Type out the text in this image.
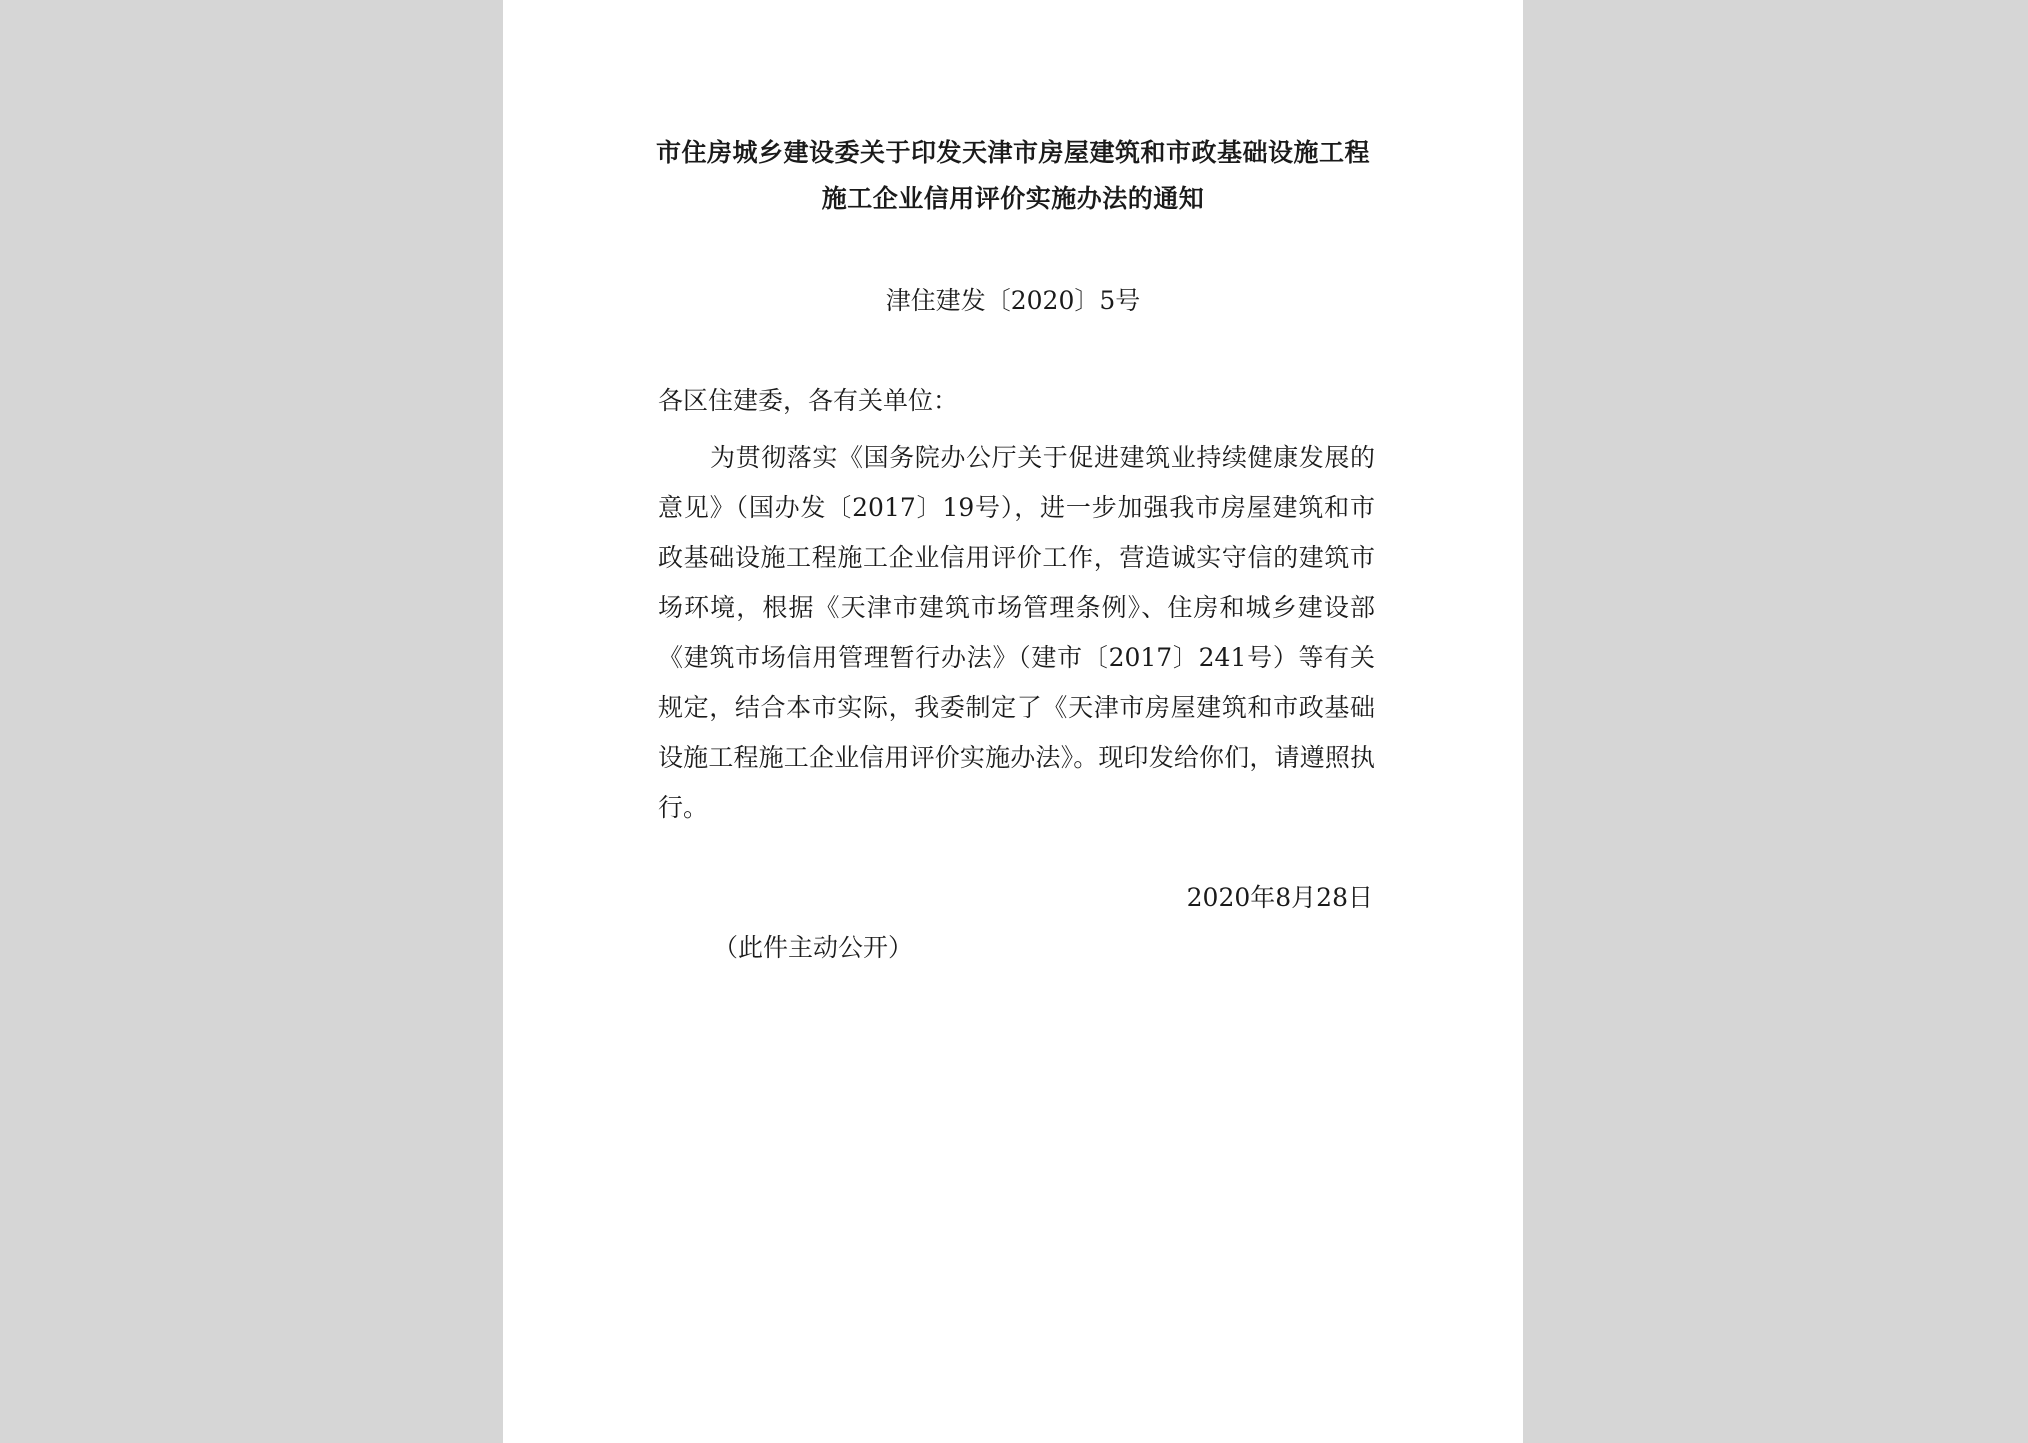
市住房城乡建设委关于印发天津市房屋建筑和市政基础设施工程施工企业信用评价实施办法的通知
津住建发〔2020〕5号
各区住建委，各有关单位：

为贯彻落实《国务院办公厅关于促进建筑业持续健康发展的意见》（国办发〔2017〕19号），进一步加强我市房屋建筑和市政基础设施工程施工企业信用评价工作，营造诚实守信的建筑市场环境，根据《天津市建筑市场管理条例》、住房和城乡建设部《建筑市场信用管理暂行办法》（建市〔2017〕241号）等有关规定，结合本市实际，我委制定了《天津市房屋建筑和市政基础设施工程施工企业信用评价实施办法》。现印发给你们，请遵照执行。

2020年8月28日
（此件主动公开）
